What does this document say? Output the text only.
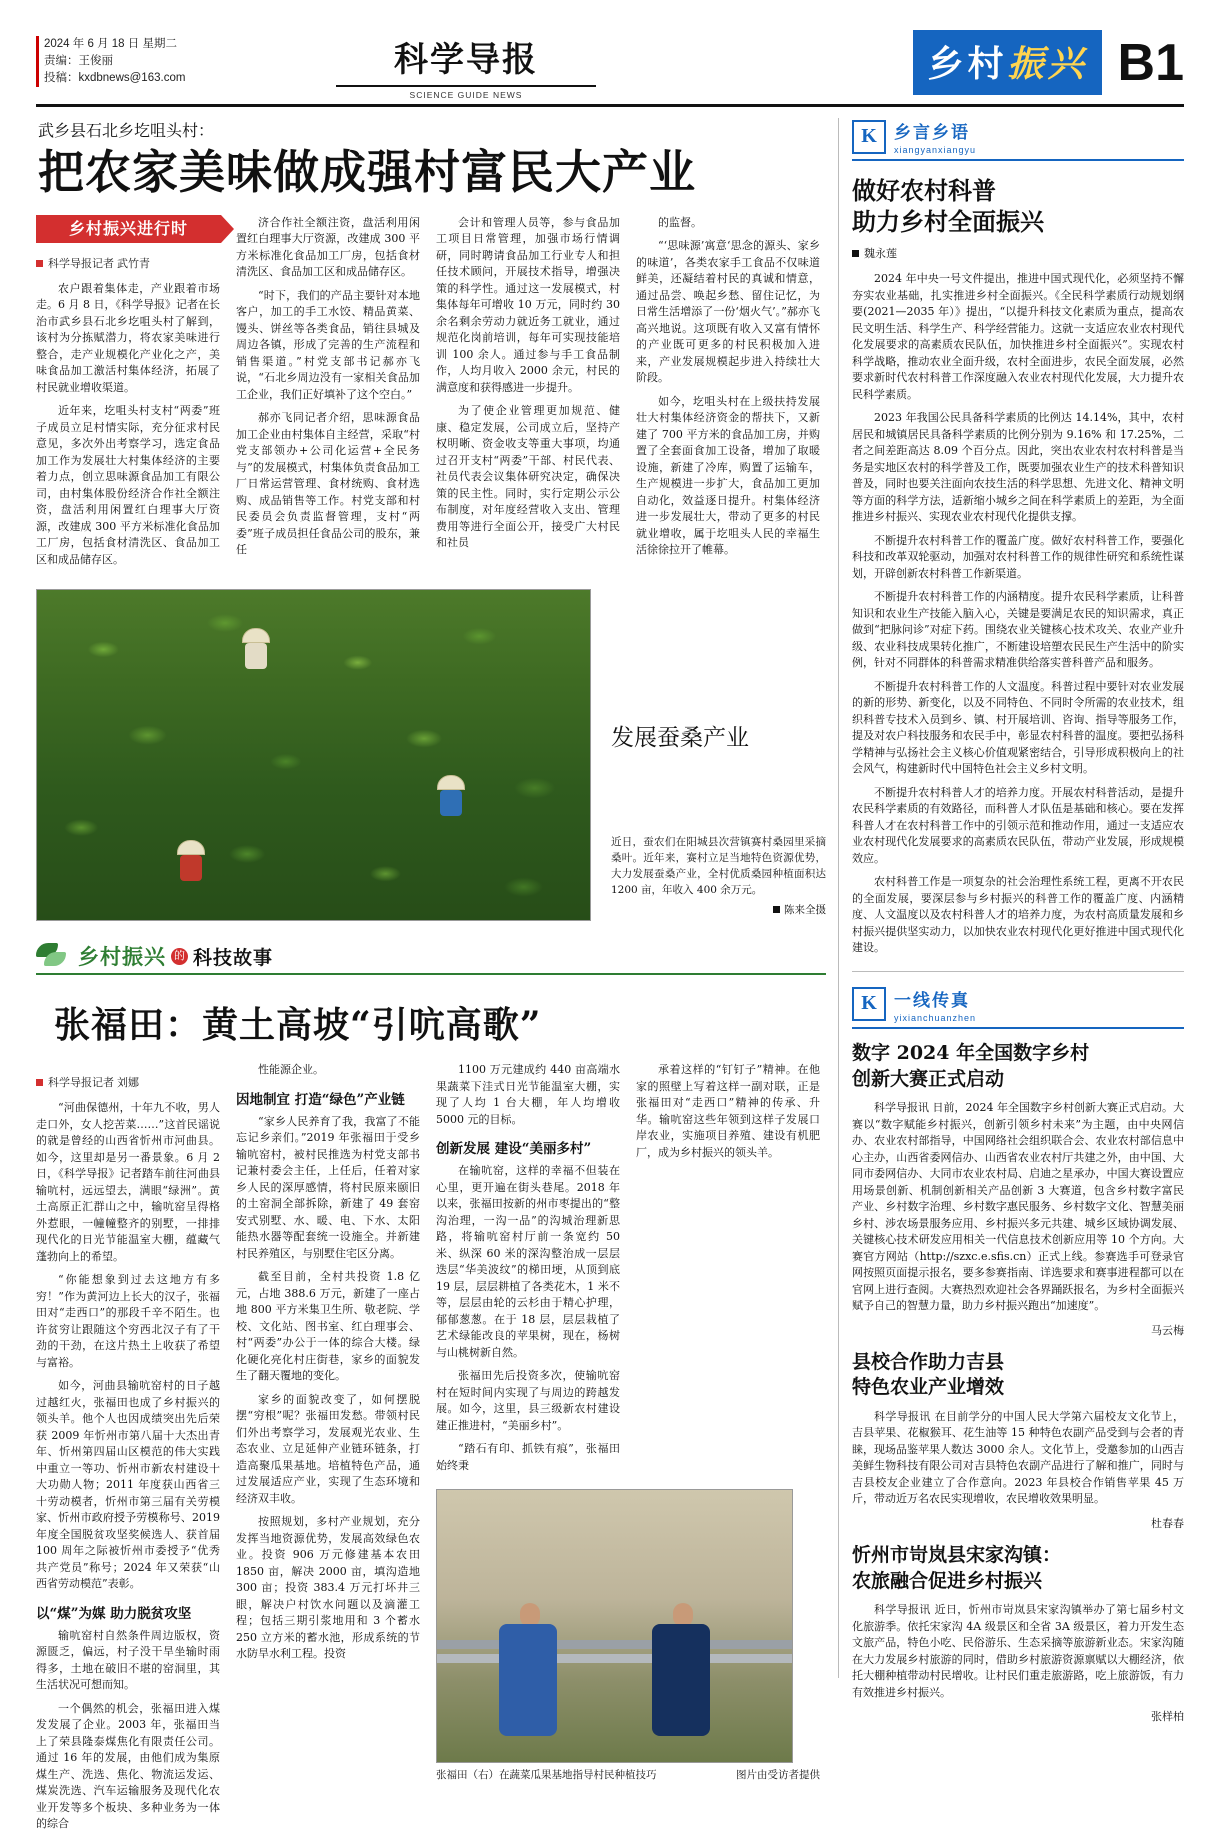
2024 年 6 月 18 日 星期二
责编：王俊丽
投稿：kxdbnews@163.com	科学导报
SCIENCE GUIDE NEWS
乡村 振兴 B1
武乡县石北乡圪咀头村：
把农家美味做成强村富民大产业
乡村振兴进行时
科学导报记者 武竹青

农户跟着集体走，产业跟着市场走。6 月 8 日，《科学导报》记者在长治市武乡县石北乡圪咀头村了解到，该村为分拣赋潜力，将农家美味进行整合，走产业规模化产业化之产，美味食品加工激活村集体经济，拓展了村民就业增收渠道。

近年来，圪咀头村支村“两委”班子成员立足村情实际，充分征求村民意见，多次外出考察学习，选定食品加工作为发展壮大村集体经济的主要着力点，创立思味源食品加工有限公司，由村集体股份经济合作社全额注资，盘活利用闲置红白理事大厅资源，改建成 300 平方米标准化食品加工厂房，包括食材清洗区、食品加工区和成品储存区。

济合作社全额注资，盘活利用闲置红白理事大厅资源，改建成 300 平方米标准化食品加工厂房，包括食材清洗区、食品加工区和成品储存区。

“时下，我们的产品主要针对本地客户，加工的手工水饺、精品黄菜、馒头、饼丝等各类食品，销往县城及周边各镇，形成了完善的生产流程和销售渠道。”村党支部书记郝亦飞说，“石北乡周边没有一家相关食品加工企业，我们正好填补了这个空白。”

郝亦飞同记者介绍，思味源食品加工企业由村集体自主经营，采取“村党支部领办+公司化运营+全民务与”的发展模式，村集体负责食品加工厂日常运营管理、食材统购、食材选购、成品销售等工作。村党支部和村民委员会负责监督管理，支村“两委”班子成员担任食品公司的股东，兼任

会计和管理人员等，参与食品加工项目日常管理，加强市场行情调研，同时聘请食品加工行业专人和担任技术顾问，开展技术指导，增强决策的科学性。通过这一发展模式，村集体每年可增收 10 万元，同时约 30 余名剩余劳动力就近务工就业，通过规范化岗前培训，每年可实现技能培训 100 余人。通过参与手工食品制作，人均月收入 2000 余元，村民的满意度和获得感进一步提升。

为了使企业管理更加规范、健康、稳定发展，公司成立后，坚持产权明晰、资金收支等重大事项，均通过召开支村“两委”干部、村民代表、社员代表会议集体研究决定，确保决策的民主性。同时，实行定期公示公布制度，对年度经营收入支出、管理费用等进行全面公开，接受广大村民和社员

的监督。

“‘思味源’寓意‘思念的源头、家乡的味道’，各类农家手工食品不仅味道鲜美，还凝结着村民的真诚和情意，通过品尝、唤起乡愁、留住记忆，为日常生活增添了一份‘烟火气’。”郝亦飞高兴地说。这项既有收入又富有情怀的产业既可更多的村民积极加入进来，产业发展规模起步进入持续壮大阶段。

如今，圪咀头村在上级扶持发展壮大村集体经济资金的帮扶下，又新建了 700 平方米的食品加工房，并购置了全套面食加工设备，增加了取暖设施，新建了冷库，购置了运输车，生产规模进一步扩大，食品加工更加自动化，效益逐日提升。村集体经济进一步发展壮大，带动了更多的村民就业增收，属于圪咀头人民的幸福生活徐徐拉开了帷幕。

发展蚕桑产业
近日，蚕农们在阳城县次营镇赛村桑园里采摘桑叶。近年来，赛村立足当地特色资源优势，大力发展蚕桑产业，全村优质桑园种植面积达 1200 亩，年收入 400 余万元。
陈来全摄
乡村振兴 的 科技故事
张福田：黄土高坡“引吭高歌”
科学导报记者 刘娜

“河曲保德州，十年九不收，男人走口外，女人挖苦菜……”这首民谣说的就是曾经的山西省忻州市河曲县。如今，这里却是另一番景象。6 月 2 日，《科学导报》记者踏车前往河曲县输吭村，远远望去，满眼“绿洲”。黄土高原正汇群山之中，输吭窑呈得格外惹眼，一幢幢整齐的别墅，一排排现代化的日光节能温室大棚，蕴藏气蓬勃向上的希望。

“你能想象到过去这地方有多穷！”作为黄河边上长大的汉子，张福田对“走西口”的那段千辛不陌生。也许贫穷让跟随这个穷西北汉子有了干劲的干劲，在这片热土上收获了希望与富裕。

如今，河曲县输吭窑村的日子越过越红火，张福田也成了乡村振兴的领头羊。他个人也因成绩突出先后荣获 2009 年忻州市第八届十大杰出青年、忻州第四届山区模范的伟大实践中重立一等功、忻州市新农村建设十大功勋人物；2011 年度获山西省三十劳动模者，忻州市第三届有关劳模家、忻州市政府授予劳模称号、2019 年度全国脱贫攻坚奖候选人、获首届100 周年之际被忻州市委授予“优秀共产党员”称号；2024 年又荣获“山西省劳动模范”表彰。

以“煤”为媒 助力脱贫攻坚

输吭窑村自然条件周边版权，资源匮乏，偏远，村子没干旱坐输时雨得多，土地在破旧不堪的窑洞里，其生活状况可想而知。

一个偶然的机会，张福田进入煤发发展了企业。2003 年，张福田当上了荣县隆泰煤焦化有限责任公司。通过 16 年的发展，由他们成为集原煤生产、洗选、焦化、物流运发运、煤炭洗选、汽车运输服务及现代化农业开发等多个板块、多种业务为一体的综合

性能源企业。

因地制宜 打造“绿色”产业链

“家乡人民养育了我，我富了不能忘记乡亲们。”2019 年张福田于受乡输吭窑村，被村民推选为村党支部书记兼村委会主任，上任后，任着对家乡人民的深厚感情，将村民原来颐旧的土窑洞全部拆除，新建了 49 套窑安式别墅、水、暖、电、下水、太阳能热水器等配套统一设施全。并新建村民养殖区，与别墅住宅区分离。

截至目前，全村共投资 1.8 亿元，占地 388.6 万元，新建了一座占地 800 平方米集卫生所、敬老院、学校、文化站、图书室、红白理事会、村“两委”办公于一体的综合大楼。绿化硬化亮化村庄街巷，家乡的面貌发生了翻天覆地的变化。

家乡的面貌改变了，如何摆脱摆“穷根”呢？张福田发愁。带领村民们外出考察学习，发展观光农业、生态农业、立足延伸产业链环链条，打造高聚瓜果基地。培植特色产品，通过发展适应产业，实现了生态环境和经济双丰收。

按照规划，多村产业规划，充分发挥当地资源优势，发展高效绿色农业。投资 906 万元修建基本农田 1850 亩，解决 2000 亩，填沟造地 300 亩；投资 383.4 万元打坏井三眼，解决户村饮水问题以及滴灌工程；包括三期引浆地用和 3 个蓄水 250 立方米的蓄水池，形成系统的节水防旱水利工程。投资

1100 万元建成约 440 亩高端水果蔬菜下洼式日光节能温室大棚，实现了人均 1 台大棚，年人均增收 5000 元的目标。

创新发展 建设“美丽多村”

在输吭窑，这样的幸福不但装在心里，更开遍在街头巷尾。2018 年以来，张福田按新的州市枣提出的“整沟治理，一沟一品”的沟城治理新思路，将输吭窑村厅前一条宽约 50 米、纵深 60 米的深沟整治成一层层迭层“华美波纹”的梯田埂，从顶到底 19 层，层层耕植了各类花木，1 米不等，层层由轮的云杉由于精心护理，郁郁葱葱。在于 18 层，层层栽植了艺术绿能改良的苹果树，现在，杨树与山桃树新自然。

张福田先后投资多次，使输吭窑村在短时间内实现了与周边的跨越发展。如今，这里，县三级新农村建设建正推进村，“美丽乡村”。

“踏石有印、抓铁有痕”，张福田始终秉

承着这样的“钉钉子”精神。在他家的照壁上写着这样一副对联，正是张福田对“走西口”精神的传承、升华。输吭窑这些年领到这样子发展口岸农业，实施项目养殖、建设有机肥厂，成为乡村振兴的领头羊。

张福田（右）在蔬菜瓜果基地指导村民种植技巧	图片由受访者提供
K	乡言乡语
xiangyanxiangyu
做好农村科普
助力乡村全面振兴
魏永莲

2024 年中央一号文件提出，推进中国式现代化，必须坚持不懈夯实农业基础，扎实推进乡村全面振兴。《全民科学素质行动规划纲要(2021—2035 年）》提出，“以提升科技文化素质为重点，提高农民文明生活、科学生产、科学经营能力。这就一支适应农业农村现代化发展要求的高素质农民队伍，加快推进乡村全面振兴”。实现农村科学战略，推动农业全面升级，农村全面进步，农民全面发展，必然要求新时代农村科普工作深度融入农业农村现代化发展，大力提升农民科学素质。

2023 年我国公民具备科学素质的比例达 14.14%，其中，农村居民和城镇居民具备科学素质的比例分别为 9.16% 和 17.25%，二者之间差距高达 8.09 个百分点。因此，突出农业农村农村科普是当务是实地区农村的科学普及工作，既要加强农业生产的技术科普知识普及，同时也要关注面向农技生活的科学思想、先进文化、精神文明等方面的科学方法，适新缩小城乡之间在科学素质上的差距，为全面推进乡村振兴、实现农业农村现代化提供支撑。

不断提升农村科普工作的覆盖广度。做好农村科普工作，要强化科技和改革双轮驱动，加强对农村科普工作的规律性研究和系统性谋划，开辟创新农村科普工作新渠道。

不断提升农村科普工作的内涵精度。提升农民科学素质，让科普知识和农业生产技能入脑入心，关键是要满足农民的知识需求，真正做到“把脉问诊”对症下药。围绕农业关键核心技术攻关、农业产业升级、农业科技成果转化推广，不断建设培塑农民民生产生活中的阶实例，针对不同群体的科普需求精准供给落实普科普产品和服务。

不断提升农村科普工作的人文温度。科普过程中要针对农业发展的新的形势、新变化，以及不同特色、不同时令所需的农业技术，组织科普专技术入员到乡、镇、村开展培训、咨询、指导等服务工作，提及对农户科技服务和农民手中，彰显农村科普的温度。要把弘扬科学精神与弘扬社会主义核心价值观紧密结合，引导形成积极向上的社会风气，构建新时代中国特色社会主义乡村文明。

不断提升农村科普人才的培养力度。开展农村科普活动，是提升农民科学素质的有效路径，而科普人才队伍是基础和核心。要在发挥科普人才在农村科普工作中的引领示范和推动作用，通过一支适应农业农村现代化发展要求的高素质农民队伍，带动产业发展，形成规模效应。

农村科普工作是一项复杂的社会治理性系统工程，更离不开农民的全面发展，要深层参与乡村振兴的科普工作的覆盖广度、内涵精度、人文温度以及农村科普人才的培养力度，为农村高质量发展和乡村振兴提供坚实动力，以加快农业农村现代化更好推进中国式现代化建设。

K	一线传真
yixianchuanzhen
数字 2024 年全国数字乡村
创新大赛正式启动

科学导报讯 日前，2024 年全国数字乡村创新大赛正式启动。大赛以“数字赋能乡村振兴，创新引领乡村未来”为主题，由中央网信办、农业农村部指导，中国网络社会组织联合会、农业农村部信息中心主办，山西省委网信办、山西省农业农村厅共建之外，由中国、大同市委网信办、大同市农业农村局、启迪之星承办，中国大赛设置应用场景创新、机制创新相关产品创新 3 大赛道，包含乡村数字富民产业、乡村数字治理、乡村数字惠民服务、乡村数字文化、智慧美丽乡村、涉农场景服务应用、乡村振兴多元共建、城乡区域协调发展、关键核心技术研发应用相关一代信息技术创新应用等 10 个方向。大赛官方网站（http://szxc.e.sfis.cn）正式上线。参赛选手可登录官网按照页面提示报名，要多参赛指南、详选要求和赛事进程都可以在官网上进行查阅。大赛热烈欢迎社会各界踊跃报名，为乡村全面振兴赋予自己的智慧力量，助力乡村振兴跑出“加速度”。

马云梅
县校合作助力吉县
特色农业产业增效

科学导报讯 在目前学分的中国人民大学第六届校友文化节上，吉县苹果、花椒猴耳、花生油等 15 种特色农副产品受到与会者的青睐，现场品鉴苹果人数达 3000 余人。文化节上，受邀参加的山西吉美鲜生物科技有限公司对吉县特色农副产品进行了解和推广，同时与吉县校友企业建立了合作意向。2023 年县校合作销售苹果 45 万斤，带动近万名农民实现增收，农民增收效果明显。

杜春春
忻州市岢岚县宋家沟镇：
农旅融合促进乡村振兴

科学导报讯 近日，忻州市岢岚县宋家沟镇举办了第七届乡村文化旅游季。依托宋家沟 4A 级景区和全省 3A 级景区，着力开发生态文旅产品，特色小吃、民俗游乐、生态采摘等旅游新业态。宋家沟随在大力发展乡村旅游的同时，借助乡村旅游资源禀赋以大棚经济，依托大棚种植带动村民增收。让村民们重走旅游路，吃上旅游饭，有力有效推进乡村振兴。

张样柏
